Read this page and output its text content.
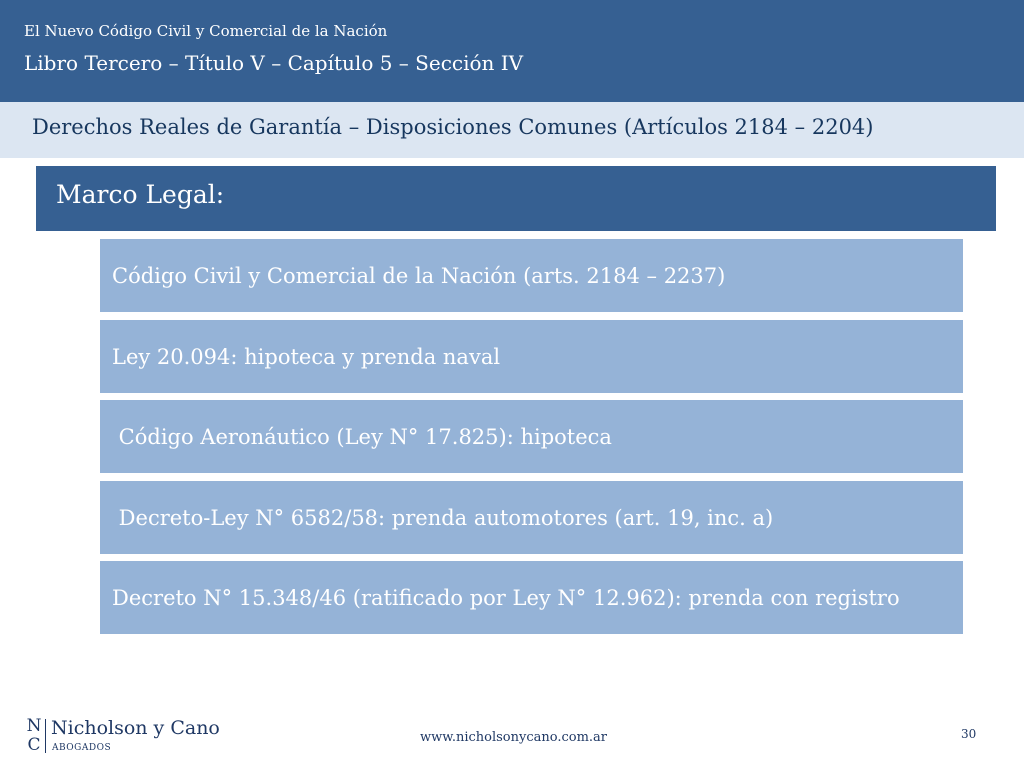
El Nuevo Código Civil y Comercial de la Nación
Libro Tercero – Título V – Capítulo 5 – Sección IV
Derechos Reales de Garantía – Disposiciones Comunes (Artículos 2184 – 2204)
Marco Legal:
Código Civil y Comercial de la Nación (arts. 2184 – 2237)
Ley 20.094: hipoteca y prenda naval
Código Aeronáutico (Ley N° 17.825): hipoteca
Decreto-Ley N° 6582/58: prenda automotores (art. 19, inc. a)
Decreto N° 15.348/46 (ratificado por Ley N° 12.962): prenda con registro
N
C
Nicholson y Cano
ABOGADOS
www.nicholsonycano.com.ar	30
